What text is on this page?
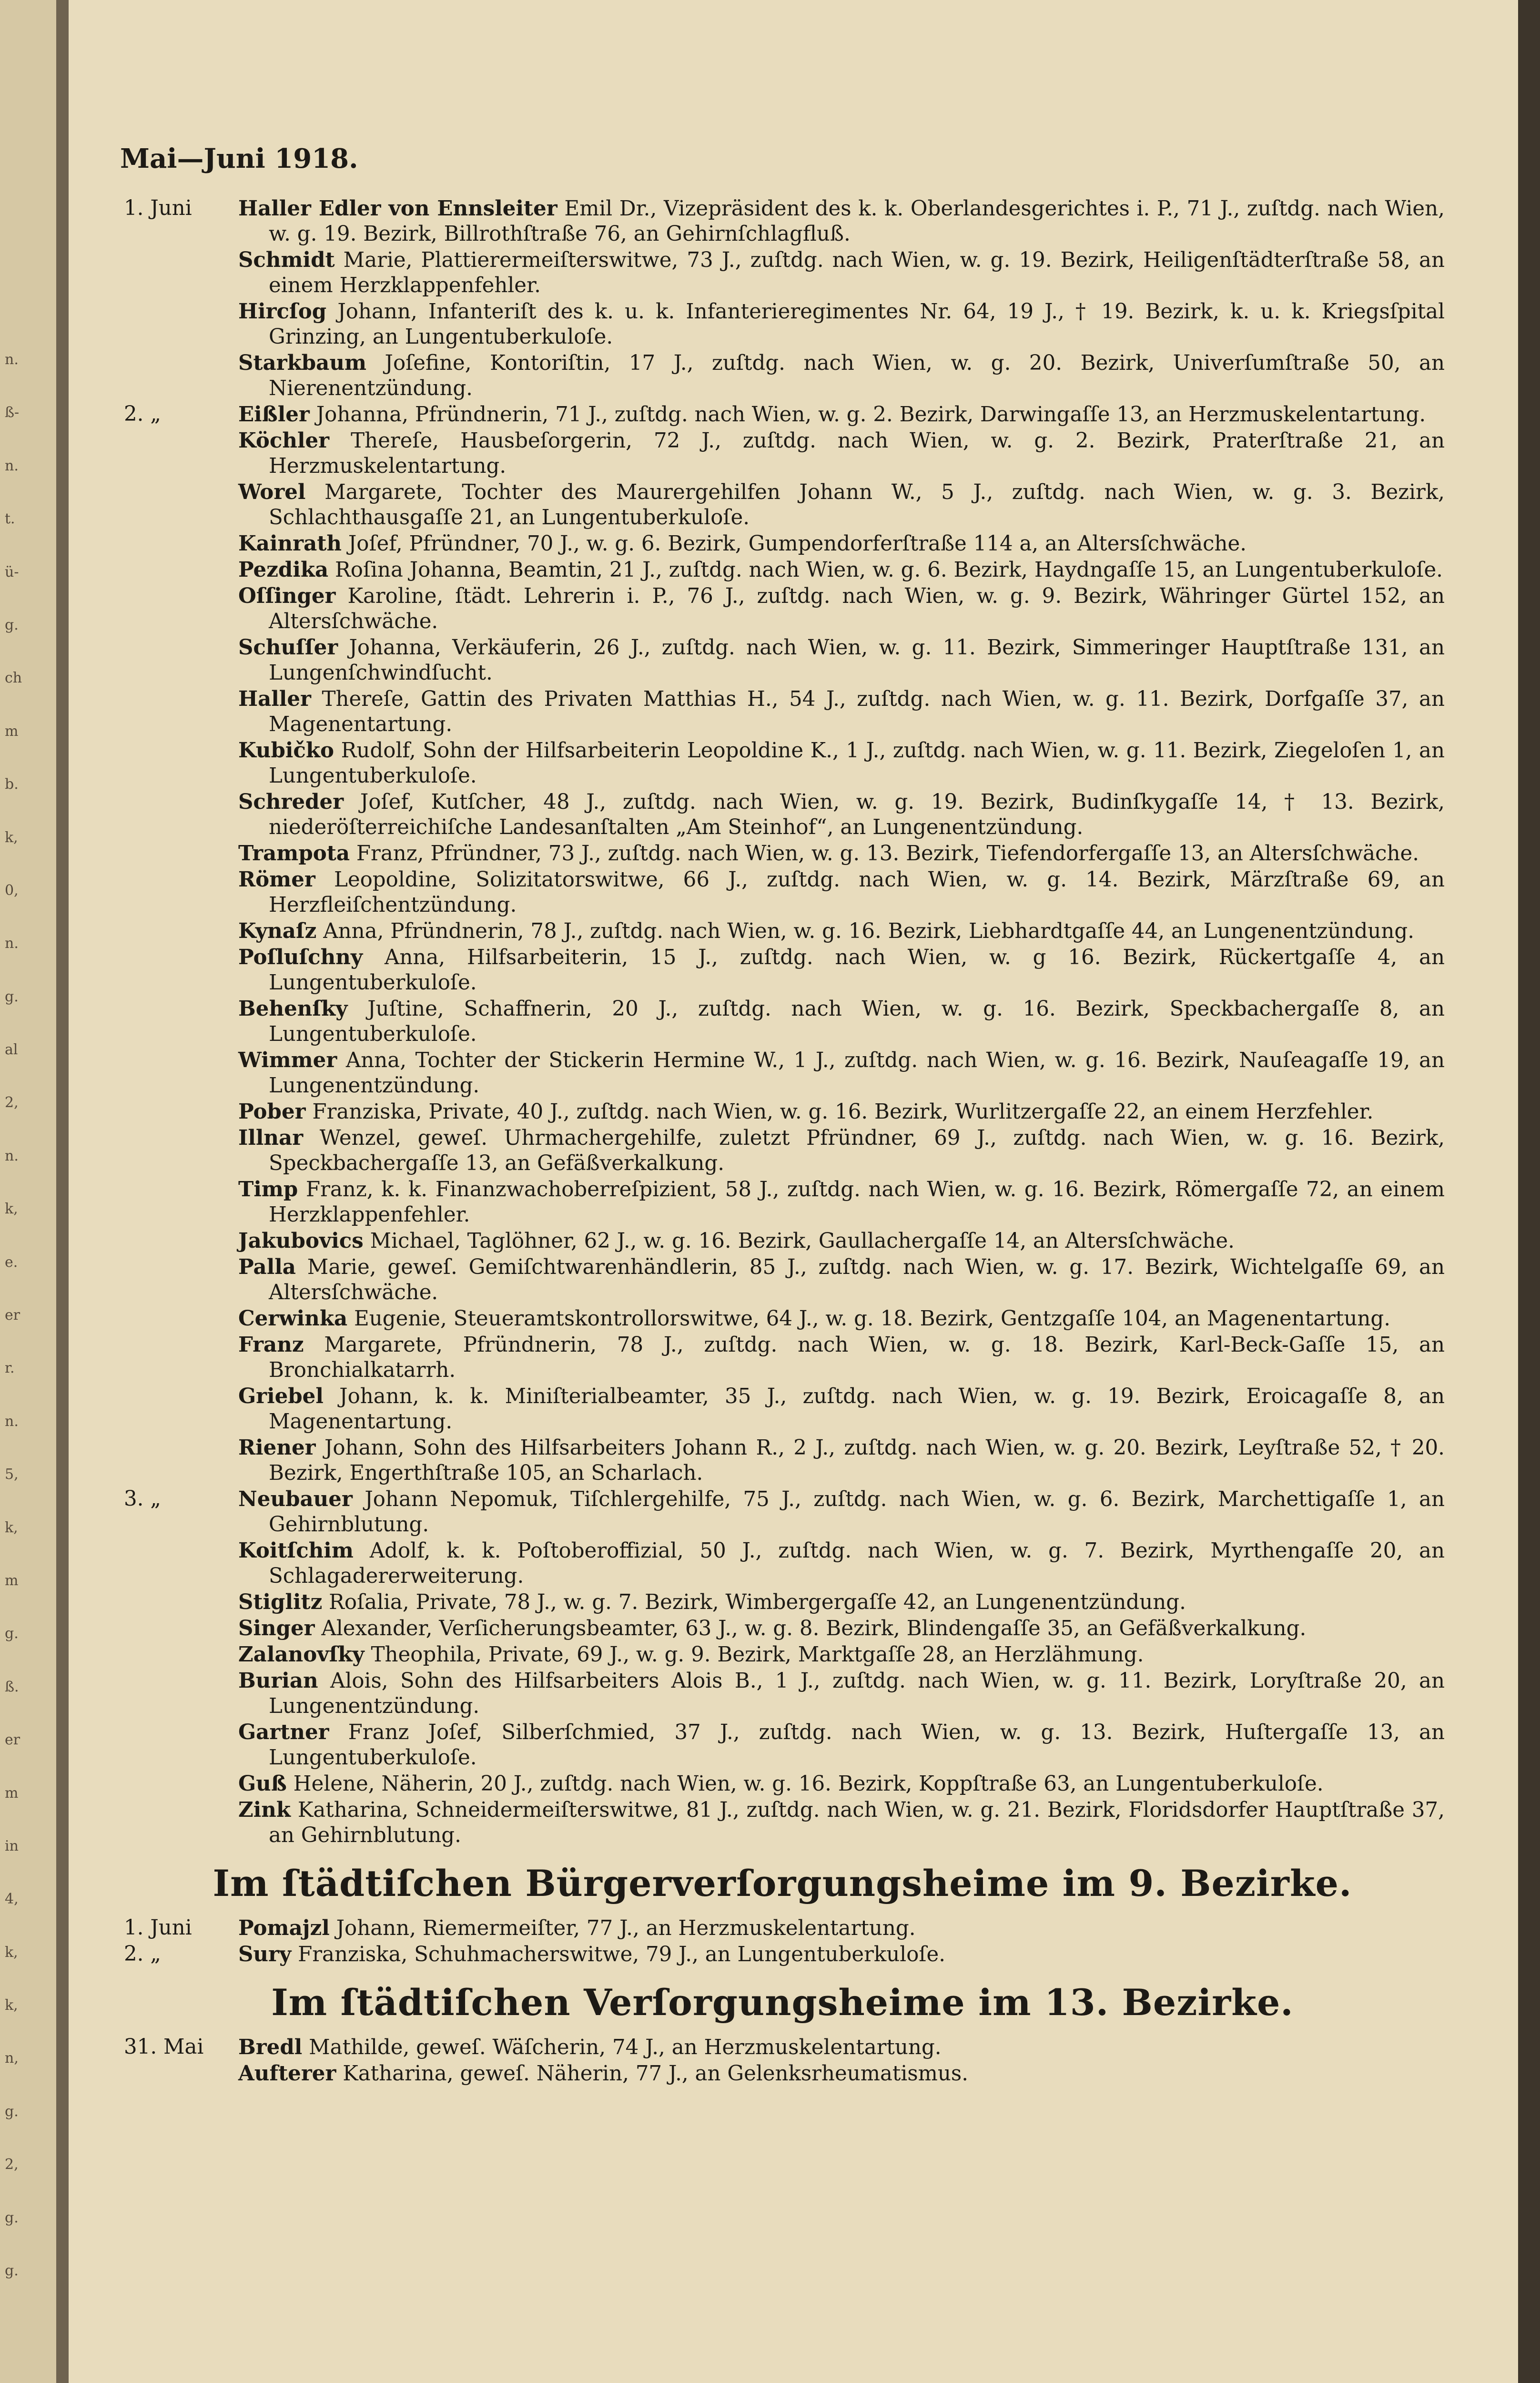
n.
ß-
n.
t.
ü-
g.
ch
m
b.
k,
0,
n.
g.
al
2,
n.
k,
e.
er
r.
n.
5,
k,
m
g.
ß.
er
m
in
4,
k,
k,
n,
g.
2,
g.
g.
Mai—Juni 1918.
1. Juni	Haller Edler von Ennsleiter Emil Dr., Vizepräsident des k. k. Oberlandesgerichtes i. P., 71 J., zuſtdg. nach Wien, w. g. 19. Bezirk, Billrothſtraße 76, an Gehirnſchlagfluß.
Schmidt Marie, Plattierermeiſterswitwe, 73 J., zuſtdg. nach Wien, w. g. 19. Bezirk, Heiligenſtädterſtraße 58, an einem Herzklappenfehler.
Hircſog Johann, Infanteriſt des k. u. k. Infanterieregimentes Nr. 64, 19 J., † 19. Bezirk, k. u. k. Kriegsſpital Grinzing, an Lungentuberkuloſe.
Starkbaum Joſefine, Kontoriſtin, 17 J., zuſtdg. nach Wien, w. g. 20. Bezirk, Univerſumſtraße 50, an Nierenentzündung.
2. „	Eißler Johanna, Pfründnerin, 71 J., zuſtdg. nach Wien, w. g. 2. Bezirk, Darwingaſſe 13, an Herzmuskelentartung.
Köchler Thereſe, Hausbeſorgerin, 72 J., zuſtdg. nach Wien, w. g. 2. Bezirk, Praterſtraße 21, an Herzmuskelentartung.
Worel Margarete, Tochter des Maurergehilfen Johann W., 5 J., zuſtdg. nach Wien, w. g. 3. Bezirk, Schlachthausgaſſe 21, an Lungentuberkuloſe.
Kainrath Joſef, Pfründner, 70 J., w. g. 6. Bezirk, Gumpendorferſtraße 114 a, an Altersſchwäche.
Pezdika Roſina Johanna, Beamtin, 21 J., zuſtdg. nach Wien, w. g. 6. Bezirk, Haydngaſſe 15, an Lungentuberkuloſe.
Oſſinger Karoline, ſtädt. Lehrerin i. P., 76 J., zuſtdg. nach Wien, w. g. 9. Bezirk, Währinger Gürtel 152, an Altersſchwäche.
Schuſſer Johanna, Verkäuferin, 26 J., zuſtdg. nach Wien, w. g. 11. Bezirk, Simmeringer Hauptſtraße 131, an Lungenſchwindſucht.
Haller Thereſe, Gattin des Privaten Matthias H., 54 J., zuſtdg. nach Wien, w. g. 11. Bezirk, Dorfgaſſe 37, an Magenentartung.
Kubičko Rudolf, Sohn der Hilfsarbeiterin Leopoldine K., 1 J., zuſtdg. nach Wien, w. g. 11. Bezirk, Ziegeloſen 1, an Lungentuberkuloſe.
Schreder Joſef, Kutſcher, 48 J., zuſtdg. nach Wien, w. g. 19. Bezirk, Budinſkygaſſe 14, † 13. Bezirk, niederöſterreichiſche Landesanſtalten „Am Steinhof“, an Lungenentzündung.
Trampota Franz, Pfründner, 73 J., zuſtdg. nach Wien, w. g. 13. Bezirk, Tiefendorfergaſſe 13, an Altersſchwäche.
Römer Leopoldine, Solizitatorswitwe, 66 J., zuſtdg. nach Wien, w. g. 14. Bezirk, Märzſtraße 69, an Herzfleiſchentzündung.
Kynaſz Anna, Pfründnerin, 78 J., zuſtdg. nach Wien, w. g. 16. Bezirk, Liebhardtgaſſe 44, an Lungenentzündung.
Poſluſchny Anna, Hilfsarbeiterin, 15 J., zuſtdg. nach Wien, w. g 16. Bezirk, Rückertgaſſe 4, an Lungentuberkuloſe.
Behenſky Juſtine, Schaffnerin, 20 J., zuſtdg. nach Wien, w. g. 16. Bezirk, Speckbachergaſſe 8, an Lungentuberkuloſe.
Wimmer Anna, Tochter der Stickerin Hermine W., 1 J., zuſtdg. nach Wien, w. g. 16. Bezirk, Nauſeagaſſe 19, an Lungenentzündung.
Pober Franziska, Private, 40 J., zuſtdg. nach Wien, w. g. 16. Bezirk, Wurlitzergaſſe 22, an einem Herzfehler.
Illnar Wenzel, geweſ. Uhrmachergehilfe, zuletzt Pfründner, 69 J., zuſtdg. nach Wien, w. g. 16. Bezirk, Speckbachergaſſe 13, an Gefäßverkalkung.
Timp Franz, k. k. Finanzwachoberreſpizient, 58 J., zuſtdg. nach Wien, w. g. 16. Bezirk, Römergaſſe 72, an einem Herzklappenfehler.
Jakubovics Michael, Taglöhner, 62 J., w. g. 16. Bezirk, Gaullachergaſſe 14, an Altersſchwäche.
Palla Marie, geweſ. Gemiſchtwarenhändlerin, 85 J., zuſtdg. nach Wien, w. g. 17. Bezirk, Wichtelgaſſe 69, an Altersſchwäche.
Cerwinka Eugenie, Steueramtskontrollorswitwe, 64 J., w. g. 18. Bezirk, Gentzgaſſe 104, an Magenentartung.
Franz Margarete, Pfründnerin, 78 J., zuſtdg. nach Wien, w. g. 18. Bezirk, Karl-Beck-Gaſſe 15, an Bronchialkatarrh.
Griebel Johann, k. k. Miniſterialbeamter, 35 J., zuſtdg. nach Wien, w. g. 19. Bezirk, Eroicagaſſe 8, an Magenentartung.
Riener Johann, Sohn des Hilfsarbeiters Johann R., 2 J., zuſtdg. nach Wien, w. g. 20. Bezirk, Leyſtraße 52, † 20. Bezirk, Engerthſtraße 105, an Scharlach.
3. „	Neubauer Johann Nepomuk, Tiſchlergehilfe, 75 J., zuſtdg. nach Wien, w. g. 6. Bezirk, Marchettigaſſe 1, an Gehirnblutung.
Koitſchim Adolf, k. k. Poſtoberoffizial, 50 J., zuſtdg. nach Wien, w. g. 7. Bezirk, Myrthengaſſe 20, an Schlagadererweiterung.
Stiglitz Roſalia, Private, 78 J., w. g. 7. Bezirk, Wimbergergaſſe 42, an Lungenentzündung.
Singer Alexander, Verſicherungsbeamter, 63 J., w. g. 8. Bezirk, Blindengaſſe 35, an Gefäßverkalkung.
Zalanovſky Theophila, Private, 69 J., w. g. 9. Bezirk, Marktgaſſe 28, an Herzlähmung.
Burian Alois, Sohn des Hilfsarbeiters Alois B., 1 J., zuſtdg. nach Wien, w. g. 11. Bezirk, Loryſtraße 20, an Lungenentzündung.
Gartner Franz Joſef, Silberſchmied, 37 J., zuſtdg. nach Wien, w. g. 13. Bezirk, Huſtergaſſe 13, an Lungentuberkuloſe.
Guß Helene, Näherin, 20 J., zuſtdg. nach Wien, w. g. 16. Bezirk, Koppſtraße 63, an Lungentuberkuloſe.
Zink Katharina, Schneidermeiſterswitwe, 81 J., zuſtdg. nach Wien, w. g. 21. Bezirk, Floridsdorfer Hauptſtraße 37, an Gehirnblutung.
Im ſtädtiſchen Bürgerverſorgungsheime im 9. Bezirke.
1. Juni	Pomajzl Johann, Riemermeiſter, 77 J., an Herzmuskelentartung.
2. „	Sury Franziska, Schuhmacherswitwe, 79 J., an Lungentuberkuloſe.
Im ſtädtiſchen Verſorgungsheime im 13. Bezirke.
31. Mai	Bredl Mathilde, geweſ. Wäſcherin, 74 J., an Herzmuskelentartung.
Aufterer Katharina, geweſ. Näherin, 77 J., an Gelenksrheumatismus.
